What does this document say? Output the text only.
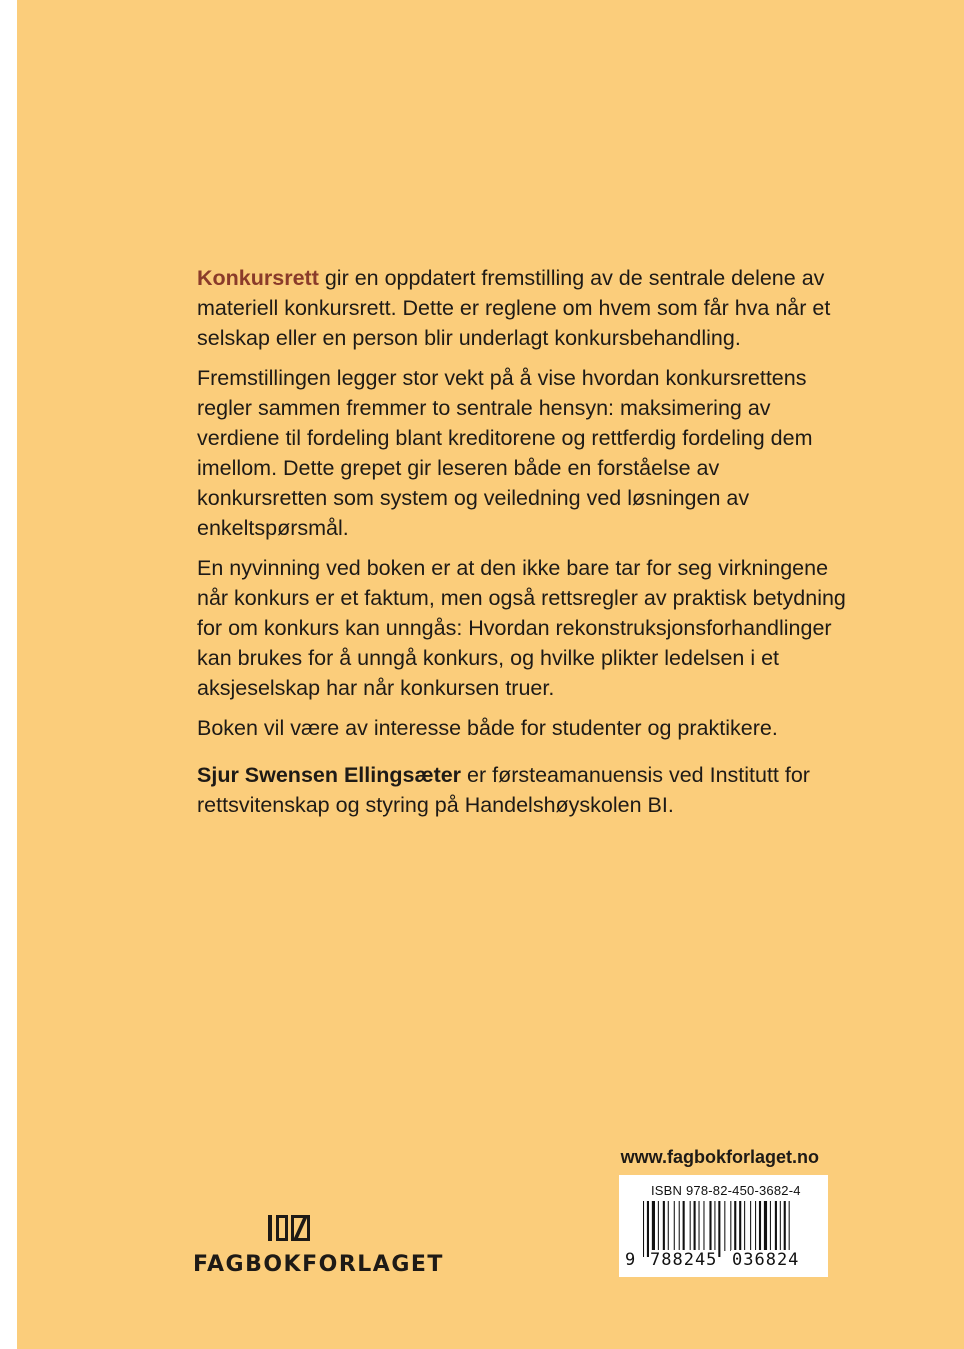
Konkursrett gir en oppdatert fremstilling av de sentrale delene av materiell konkursrett. Dette er reglene om hvem som får hva når et selskap eller en person blir underlagt konkursbehandling.

Fremstillingen legger stor vekt på å vise hvordan konkursrettens regler sammen fremmer to sentrale hensyn: maksimering av verdiene til fordeling blant kreditorene og rettferdig fordeling dem imellom. Dette grepet gir leseren både en forståelse av konkursretten som system og veiledning ved løsningen av enkeltspørsmål.

En nyvinning ved boken er at den ikke bare tar for seg virkningene når konkurs er et faktum, men også rettsregler av praktisk betydning for om konkurs kan unngås: Hvordan rekonstruksjonsforhandlinger kan brukes for å unngå konkurs, og hvilke plikter ledelsen i et aksjeselskap har når konkursen truer.

Boken vil være av interesse både for studenter og praktikere.

Sjur Swensen Ellingsæter er førsteamanuensis ved Institutt for rettsvitenskap og styring på Handelshøyskolen BI.
www.fagbokforlaget.no
ISBN 978-82-450-3682-4
9 788245 036824
FAGBOKFORLAGET
